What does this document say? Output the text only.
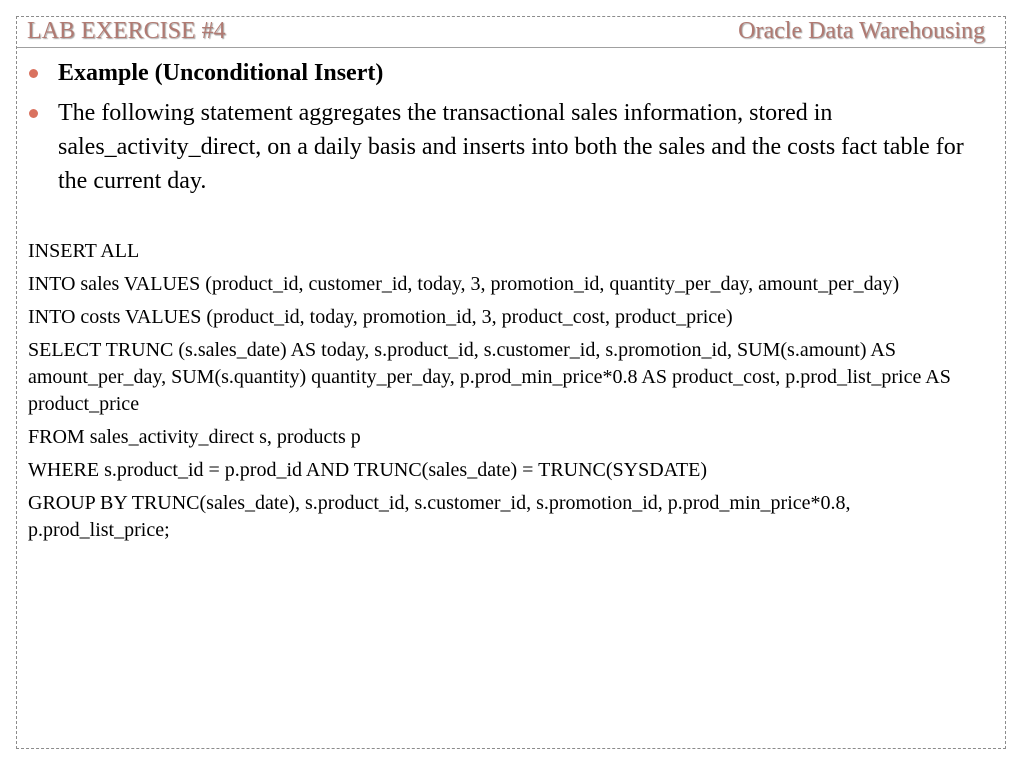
LAB EXERCISE #4	Oracle Data Warehousing
Example (Unconditional Insert)
The following statement aggregates the transactional sales information, stored in sales_activity_direct, on a daily basis and inserts into both the sales and the costs fact table for the current day.
INSERT ALL
INTO sales VALUES (product_id, customer_id, today, 3, promotion_id, quantity_per_day, amount_per_day)
INTO costs VALUES (product_id, today, promotion_id, 3, product_cost, product_price)
SELECT TRUNC (s.sales_date) AS today, s.product_id, s.customer_id, s.promotion_id, SUM(s.amount) AS amount_per_day, SUM(s.quantity) quantity_per_day, p.prod_min_price*0.8 AS product_cost, p.prod_list_price AS product_price
FROM sales_activity_direct s, products p
WHERE s.product_id = p.prod_id AND TRUNC(sales_date) = TRUNC(SYSDATE)
GROUP BY TRUNC(sales_date), s.product_id, s.customer_id, s.promotion_id, p.prod_min_price*0.8, p.prod_list_price;
